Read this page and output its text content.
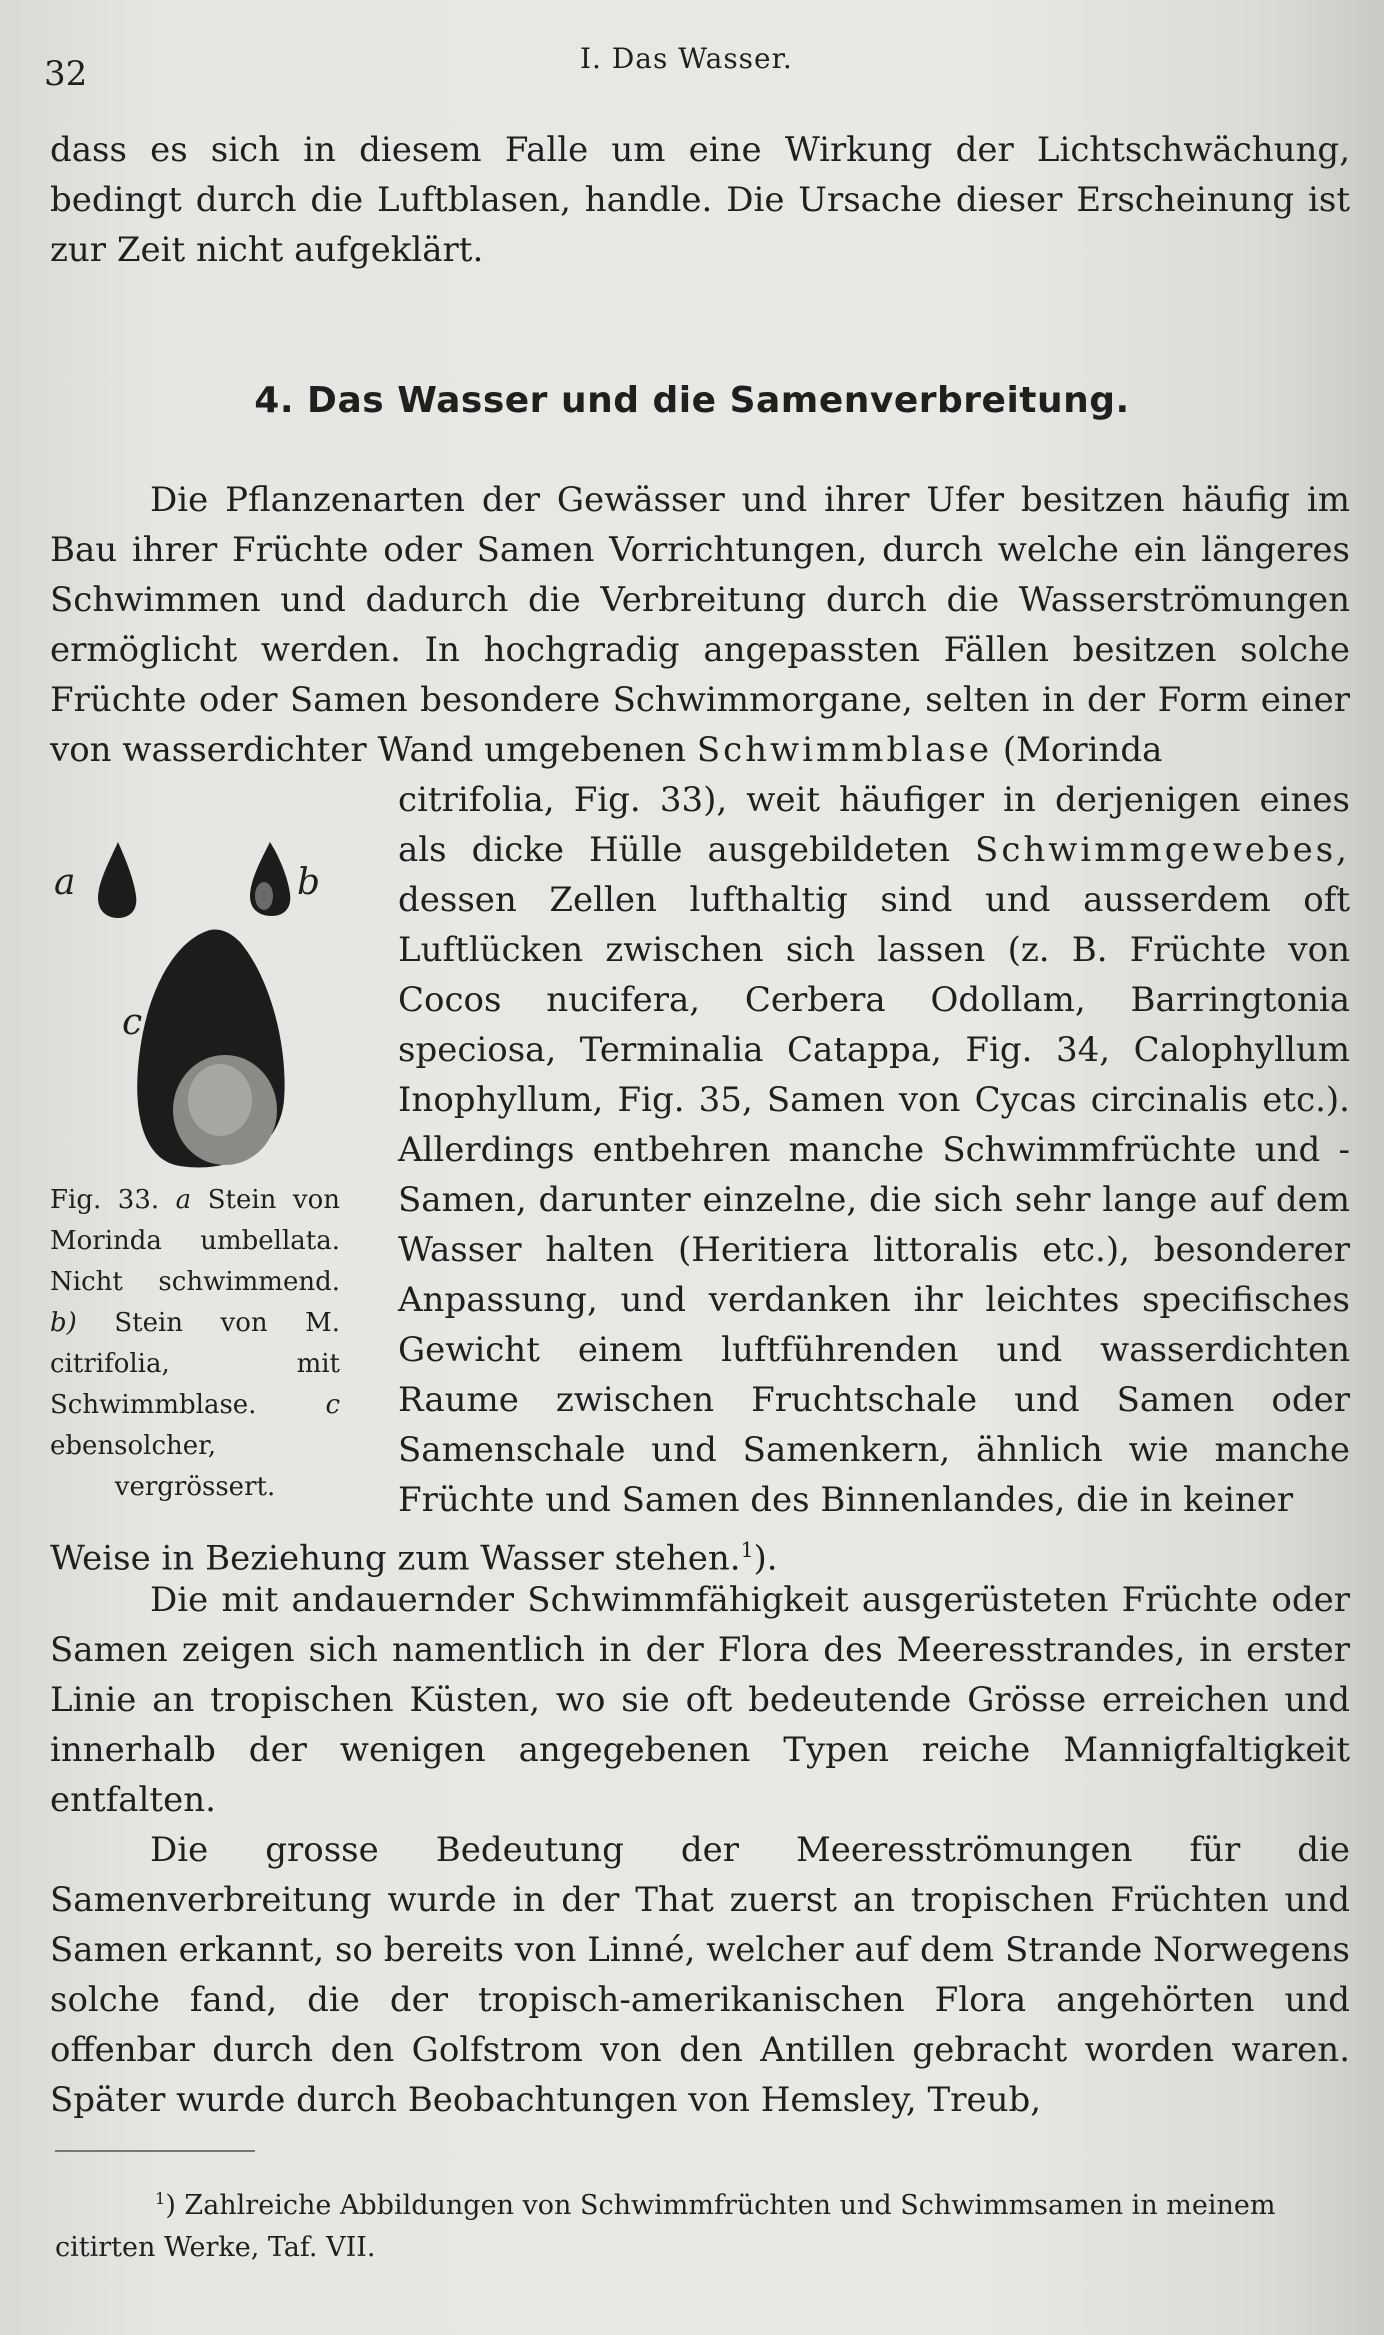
32	I. Das Wasser.

dass es sich in diesem Falle um eine Wirkung der Lichtschwächung, bedingt durch die Luftblasen, handle. Die Ursache dieser Erscheinung ist zur Zeit nicht aufgeklärt.

4. Das Wasser und die Samenverbreitung.

Die Pflanzenarten der Gewässer und ihrer Ufer besitzen häufig im Bau ihrer Früchte oder Samen Vorrichtungen, durch welche ein längeres Schwimmen und dadurch die Verbreitung durch die Wasserströmungen ermöglicht werden. In hochgradig angepassten Fällen besitzen solche Früchte oder Samen besondere Schwimmorgane, selten in der Form einer von wasserdichter Wand umgebenen Schwimmblase (Morinda

citrifolia, Fig. 33), weit häufiger in derjenigen eines als dicke Hülle ausgebildeten Schwimmgewebes, dessen Zellen lufthaltig sind und ausserdem oft Luftlücken zwischen sich lassen (z. B. Früchte von Cocos nucifera, Cerbera Odollam, Barringtonia speciosa, Terminalia Catappa, Fig. 34, Calophyllum Inophyllum, Fig. 35, Samen von Cycas circinalis etc.). Allerdings entbehren manche Schwimmfrüchte und -Samen, darunter einzelne, die sich sehr lange auf dem Wasser halten (Heritiera littoralis etc.), besonderer Anpassung, und verdanken ihr leichtes specifisches Gewicht einem luftführenden und wasserdichten Raume zwischen Fruchtschale und Samen oder Samenschale und Samenkern, ähnlich wie manche Früchte und Samen des Binnenlandes, die in keiner

Weise in Beziehung zum Wasser stehen.$^1$).

a	b
c

Fig. 33. a Stein von Morinda umbellata. Nicht schwimmend. b) Stein von M. citrifolia, mit Schwimmblase.	c ebensolcher,
vergrössert.

Die mit andauernder Schwimmfähigkeit ausgerüsteten Früchte oder Samen zeigen sich namentlich in der Flora des Meeresstrandes, in erster Linie an tropischen Küsten, wo sie oft bedeutende Grösse erreichen und innerhalb der wenigen angegebenen Typen reiche Mannigfaltigkeit entfalten.

Die grosse Bedeutung der Meeresströmungen für die Samenverbreitung wurde in der That zuerst an tropischen Früchten und Samen erkannt, so bereits von Linné, welcher auf dem Strande Norwegens solche fand, die der tropisch-amerikanischen Flora angehörten und offenbar durch den Golfstrom von den Antillen gebracht worden waren. Später wurde durch Beobachtungen von Hemsley, Treub,

$^1$) Zahlreiche Abbildungen von Schwimmfrüchten und Schwimmsamen in meinem citirten Werke, Taf. VII.
